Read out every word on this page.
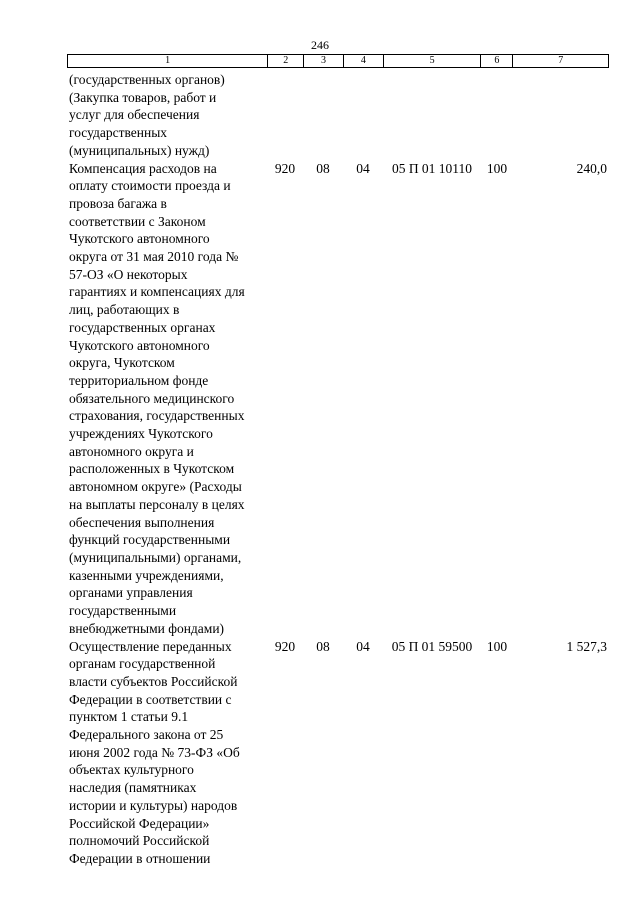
246
1	2	3	4	5	6	7
(государственных органов)
(Закупка товаров, работ и
услуг для обеспечения
государственных
(муниципальных) нужд)
Компенсация расходов на
оплату стоимости проезда и
провоза багажа в
соответствии с Законом
Чукотского автономного
округа от 31 мая 2010 года №
57-ОЗ «О некоторых
гарантиях и компенсациях для
лиц, работающих в
государственных органах
Чукотского автономного
округа, Чукотском
территориальном фонде
обязательного медицинского
страхования, государственных
учреждениях Чукотского
автономного округа и
расположенных в Чукотском
автономном округе» (Расходы
на выплаты персоналу в целях
обеспечения выполнения
функций государственными
(муниципальными) органами,
казенными учреждениями,
органами управления
государственными
внебюджетными фондами)
920	08	04	05 П 01 10110	100	240,0
Осуществление переданных
органам государственной
власти субъектов Российской
Федерации в соответствии с
пунктом 1 статьи 9.1
Федерального закона от 25
июня 2002 года № 73-ФЗ «Об
объектах культурного
наследия (памятниках
истории и культуры) народов
Российской Федерации»
полномочий Российской
Федерации в отношении
920	08	04	05 П 01 59500	100	1 527,3
